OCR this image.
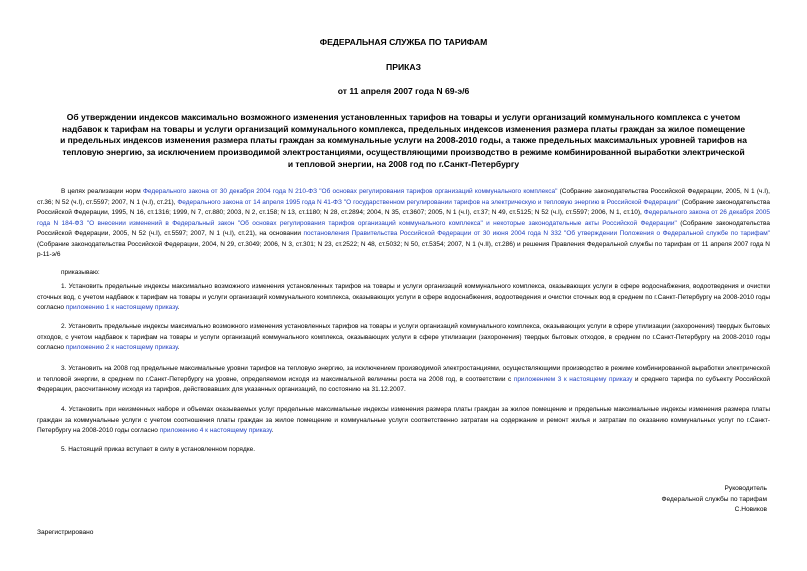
ФЕДЕРАЛЬНАЯ СЛУЖБА ПО ТАРИФАМ
ПРИКАЗ
от 11 апреля 2007 года N 69-э/6
Об утверждении индексов максимально возможного изменения установленных тарифов на товары и услуги организаций коммунального комплекса с учетом надбавок к тарифам на товары и услуги организаций коммунального комплекса, предельных индексов изменения размера платы граждан за жилое помещение и предельных индексов изменения размера платы граждан за коммунальные услуги на 2008-2010 годы, а также предельных максимальных уровней тарифов на тепловую энергию, за исключением производимой электростанциями, осуществляющими производство в режиме комбинированной выработки электрической и тепловой энергии, на 2008 год по г.Санкт-Петербургу
В целях реализации норм Федерального закона от 30 декабря 2004 года N 210-ФЗ "Об основах регулирования тарифов организаций коммунального комплекса" (Собрание законодательства Российской Федерации, 2005, N 1 (ч.I), ст.36; N 52 (ч.I), ст.5597; 2007, N 1 (ч.I), ст.21), Федерального закона от 14 апреля 1995 года N 41-ФЗ "О государственном регулировании тарифов на электрическую и тепловую энергию в Российской Федерации" (Собрание законодательства Российской Федерации, 1995, N 16, ст.1316; 1999, N 7, ст.880; 2003, N 2, ст.158; N 13, ст.1180; N 28, ст.2894; 2004, N 35, ст.3607; 2005, N 1 (ч.I), ст.37; N 49, ст.5125; N 52 (ч.I), ст.5597; 2006, N 1, ст.10), Федерального закона от 26 декабря 2005 года N 184-ФЗ "О внесении изменений в Федеральный закон "Об основах регулирования тарифов организаций коммунального комплекса" и некоторые законодательные акты Российской Федерации" (Собрание законодательства Российской Федерации, 2005, N 52 (ч.I), ст.5597; 2007, N 1 (ч.I), ст.21), на основании постановления Правительства Российской Федерации от 30 июня 2004 года N 332 "Об утверждении Положения о Федеральной службе по тарифам" (Собрание законодательства Российской Федерации, 2004, N 29, ст.3049; 2006, N 3, ст.301; N 23, ст.2522; N 48, ст.5032; N 50, ст.5354; 2007, N 1 (ч.II), ст.286) и решения Правления Федеральной службы по тарифам от 11 апреля 2007 года N р-11-э/6
приказываю:
1. Установить предельные индексы максимально возможного изменения установленных тарифов на товары и услуги организаций коммунального комплекса, оказывающих услуги в сфере водоснабжения, водоотведения и очистки сточных вод, с учетом надбавок к тарифам на товары и услуги организаций коммунального комплекса, оказывающих услуги в сфере водоснабжения, водоотведения и очистки сточных вод в среднем по г.Санкт-Петербургу на 2008-2010 годы согласно приложению 1 к настоящему приказу.
2. Установить предельные индексы максимально возможного изменения установленных тарифов на товары и услуги организаций коммунального комплекса, оказывающих услуги в сфере утилизации (захоронения) твердых бытовых отходов, с учетом надбавок к тарифам на товары и услуги организаций коммунального комплекса, оказывающих услуги в сфере утилизации (захоронения) твердых бытовых отходов, в среднем по г.Санкт-Петербургу на 2008-2010 годы согласно приложению 2 к настоящему приказу.
3. Установить на 2008 год предельные максимальные уровни тарифов на тепловую энергию, за исключением производимой электростанциями, осуществляющими производство в режиме комбинированной выработки электрической и тепловой энергии, в среднем по г.Санкт-Петербургу на уровне, определяемом исходя из максимальной величины роста на 2008 год, в соответствии с приложением 3 к настоящему приказу и среднего тарифа по субъекту Российской Федерации, рассчитанному исходя из тарифов, действовавших для указанных организаций, по состоянию на 31.12.2007.
4. Установить при неизменных наборе и объемах оказываемых услуг предельные максимальные индексы изменения размера платы граждан за жилое помещение и предельные максимальные индексы изменения размера платы граждан за коммунальные услуги с учетом соотношения платы граждан за жилое помещение и коммунальные услуги соответственно затратам на содержание и ремонт жилья и затратам по оказанию коммунальных услуг по г.Санкт-Петербургу на 2008-2010 годы согласно приложению 4 к настоящему приказу.
5. Настоящий приказ вступает в силу в установленном порядке.
Руководитель
Федеральной службы по тарифам
С.Новиков
Зарегистрировано
